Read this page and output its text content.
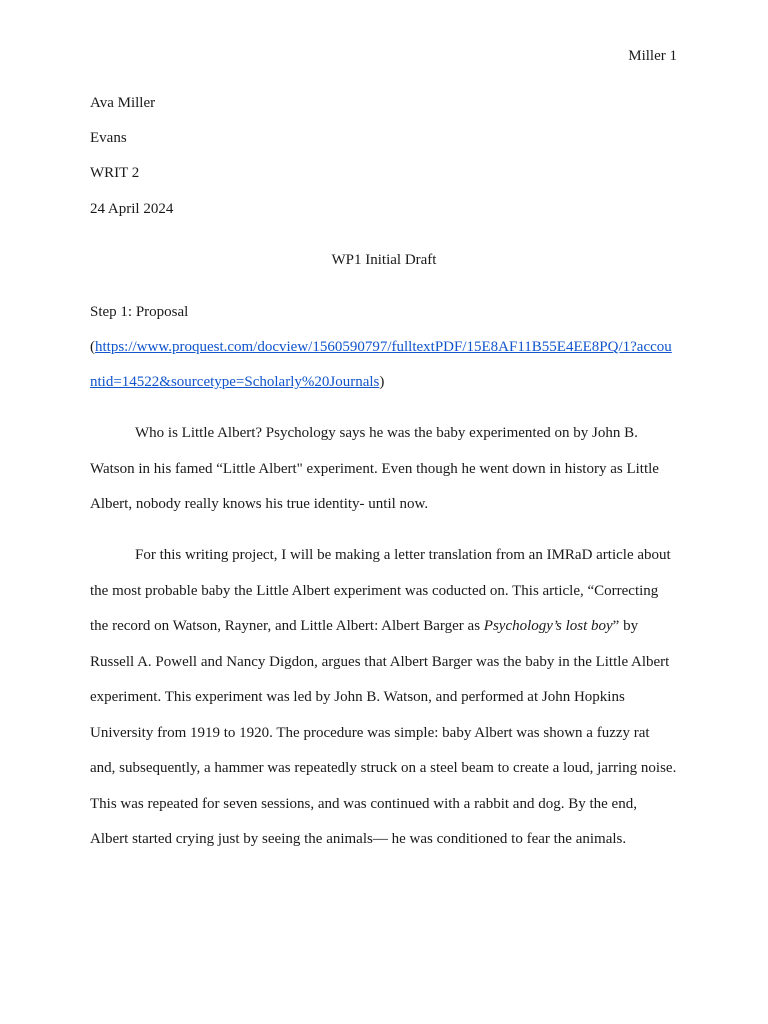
Miller 1
Ava Miller
Evans
WRIT 2
24 April 2024
WP1 Initial Draft
Step 1: Proposal
(https://www.proquest.com/docview/1560590797/fulltextPDF/15E8AF11B55E4EE8PQ/1?accou
ntid=14522&sourcetype=Scholarly%20Journals)

Who is Little Albert? Psychology says he was the baby experimented on by John B. Watson in his famed “Little Albert" experiment. Even though he went down in history as Little Albert, nobody really knows his true identity- until now.

For this writing project, I will be making a letter translation from an IMRaD article about the most probable baby the Little Albert experiment was coducted on. This article, “Correcting the record on Watson, Rayner, and Little Albert: Albert Barger as Psychology’s lost boy” by Russell A. Powell and Nancy Digdon, argues that Albert Barger was the baby in the Little Albert experiment. This experiment was led by John B. Watson, and performed at John Hopkins University from 1919 to 1920. The procedure was simple: baby Albert was shown a fuzzy rat and, subsequently, a hammer was repeatedly struck on a steel beam to create a loud, jarring noise. This was repeated for seven sessions, and was continued with a rabbit and dog. By the end, Albert started crying just by seeing the animals— he was conditioned to fear the animals.
